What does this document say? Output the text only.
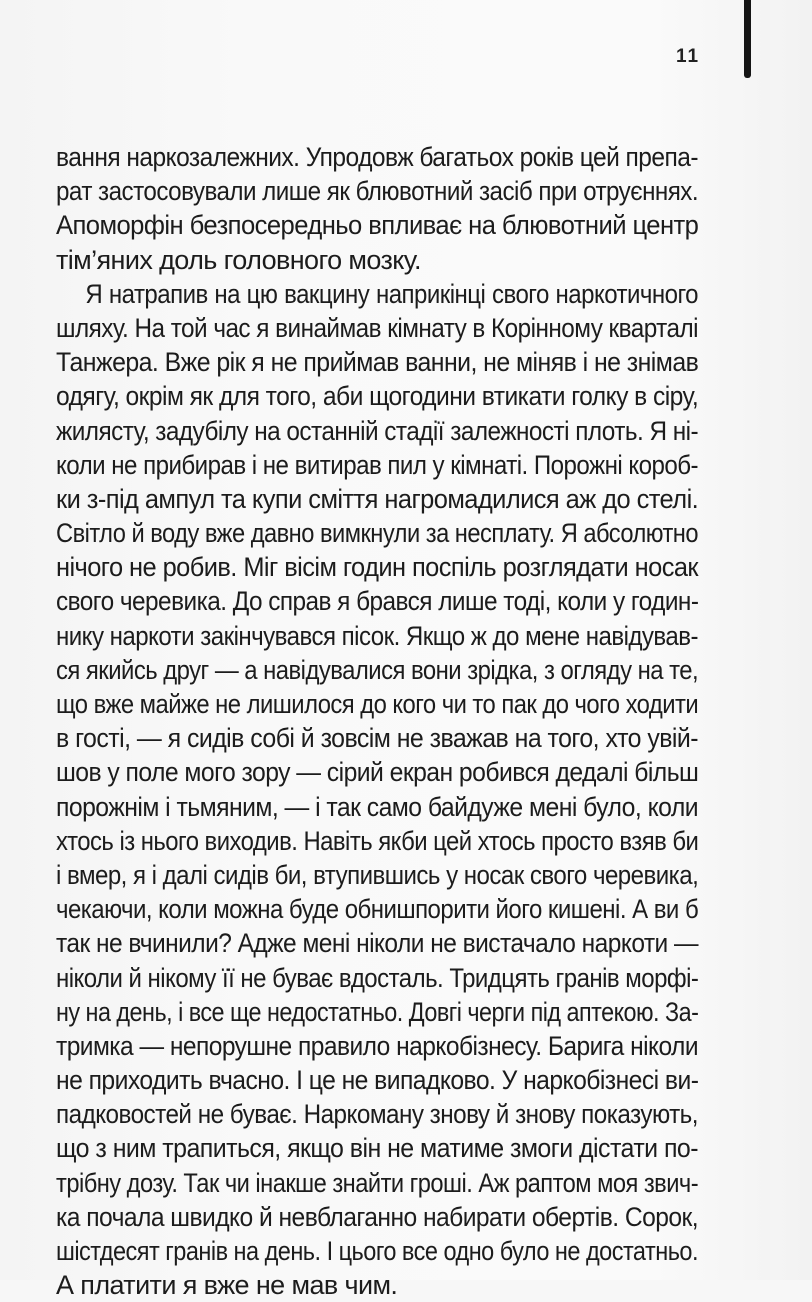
11
вання наркозалежних. Упродовж багатьох років цей препа-
рат застосовували лише як блювотний засіб при отруєннях.
Апоморфін безпосередньо впливає на блювотний центр
тім’яних доль головного мозку.
Я натрапив на цю вакцину наприкінці свого наркотичного
шляху. На той час я винаймав кімнату в Корінному кварталі
Танжера. Вже рік я не приймав ванни, не міняв і не знімав
одягу, окрім як для того, аби щогодини втикати голку в сіру,
жилясту, задубілу на останній стадії залежності плоть. Я ні-
коли не прибирав і не витирав пил у кімнаті. Порожні короб-
ки з-під ампул та купи сміття нагромадилися аж до стелі.
Світло й воду вже давно вимкнули за несплату. Я абсолютно
нічого не робив. Міг вісім годин поспіль розглядати носак
свого черевика. До справ я брався лише тоді, коли у годин-
нику наркоти закінчувався пісок. Якщо ж до мене навідував-
ся якийсь друг — а навідувалися вони зрідка, з огляду на те,
що вже майже не лишилося до кого чи то пак до чого ходити
в гості, — я сидів собі й зовсім не зважав на того, хто увій-
шов у поле мого зору — сірий екран робився дедалі більш
порожнім і тьмяним, — і так само байдуже мені було, коли
хтось із нього виходив. Навіть якби цей хтось просто взяв би
і вмер, я і далі сидів би, втупившись у носак свого черевика,
чекаючи, коли можна буде обнишпорити його кишені. А ви б
так не вчинили? Адже мені ніколи не вистачало наркоти —
ніколи й нікому її не буває вдосталь. Тридцять гранів морфі-
ну на день, і все ще недостатньо. Довгі черги під аптекою. За-
тримка — непорушне правило наркобізнесу. Барига ніколи
не приходить вчасно. І це не випадково. У наркобізнесі ви-
падковостей не буває. Наркоману знову й знову показують,
що з ним трапиться, якщо він не матиме змоги дістати по-
трібну дозу. Так чи інакше знайти гроші. Аж раптом моя звич-
ка почала швидко й невблаганно набирати обертів. Сорок,
шістдесят гранів на день. І цього все одно було не достатньо.
А платити я вже не мав чим.
